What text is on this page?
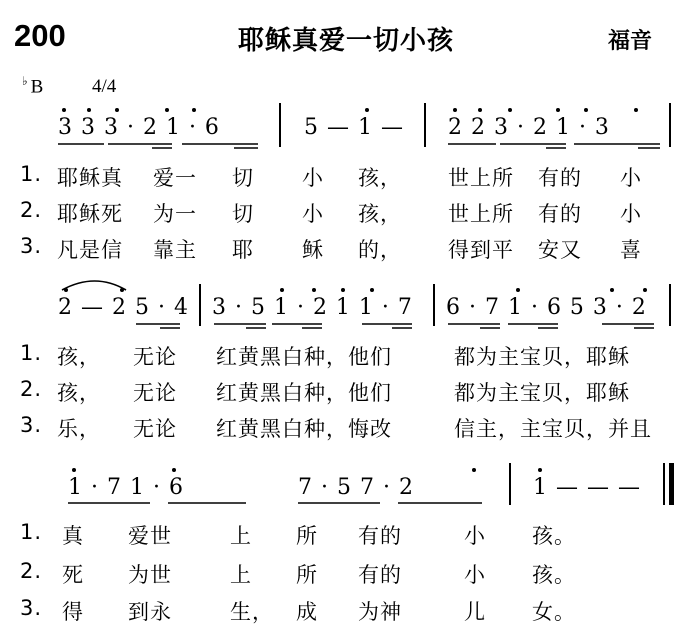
200	耶稣真爱一切小孩	福音
♭ B	4/4
3 3 3 · 2 1 · 6	5 — 1 — 2 2 3 · 2 1 · 3
1. 耶稣真 爱一 切 小 孩， 世上所 有的 小
2. 耶稣死 为一 切 小 孩， 世上所 有的 小
3. 凡是信 靠主 耶 稣 的， 得到平 安又 喜
2 — 2 5 · 4 3 · 5 1 · 2 1 1 · 7 6 · 7 1 · 6 5 3 · 2
1. 孩， 无论 红黄黑白种，他们	都为主宝贝，耶稣
2. 孩， 无论 红黄黑白种，他们	都为主宝贝，耶稣
3. 乐， 无论 红黄黑白种，悔改	信主，主宝贝，并且
1 · 7 1 · 6	7 · 5 7 · 2	1 — — —
1. 真 爱世	上 所 有的	小 孩。
2. 死 为世	上 所 有的	小 孩。
3. 得 到永	生， 成 为神	儿 女。
